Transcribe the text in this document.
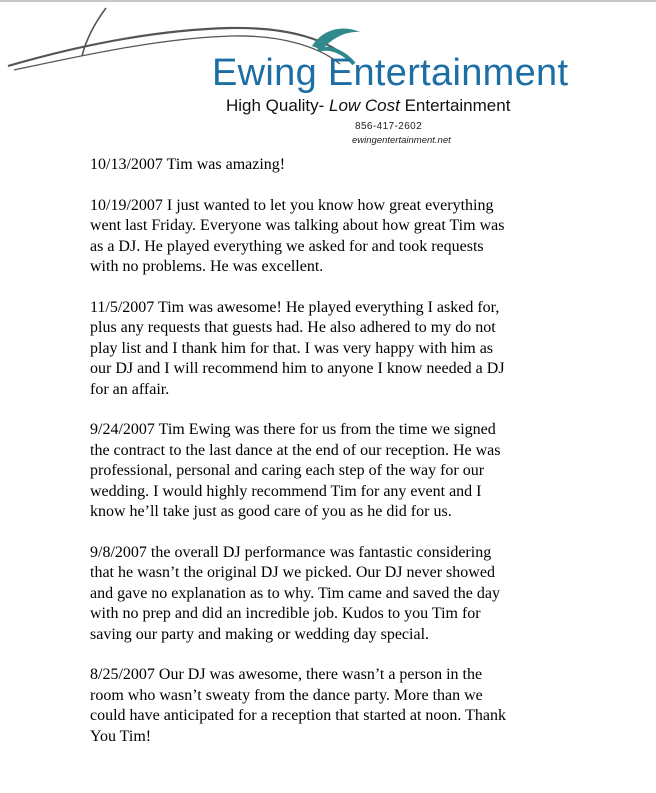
Ewing Entertainment
High Quality- Low Cost Entertainment
856-417-2602
ewingentertainment.net

10/13/2007 Tim was amazing!

10/19/2007 I just wanted to let you know how great everything
went last Friday. Everyone was talking about how great Tim was
as a DJ. He played everything we asked for and took requests
with no problems. He was excellent.

11/5/2007 Tim was awesome! He played everything I asked for,
plus any requests that guests had. He also adhered to my do not
play list and I thank him for that. I was very happy with him as
our DJ and I will recommend him to anyone I know needed a DJ
for an affair.

9/24/2007 Tim Ewing was there for us from the time we signed
the contract to the last dance at the end of our reception. He was
professional, personal and caring each step of the way for our
wedding. I would highly recommend Tim for any event and I
know he’ll take just as good care of you as he did for us.

9/8/2007 the overall DJ performance was fantastic considering
that he wasn’t the original DJ we picked. Our DJ never showed
and gave no explanation as to why. Tim came and saved the day
with no prep and did an incredible job. Kudos to you Tim for
saving our party and making or wedding day special.

8/25/2007 Our DJ was awesome, there wasn’t a person in the
room who wasn’t sweaty from the dance party. More than we
could have anticipated for a reception that started at noon. Thank
You Tim!
